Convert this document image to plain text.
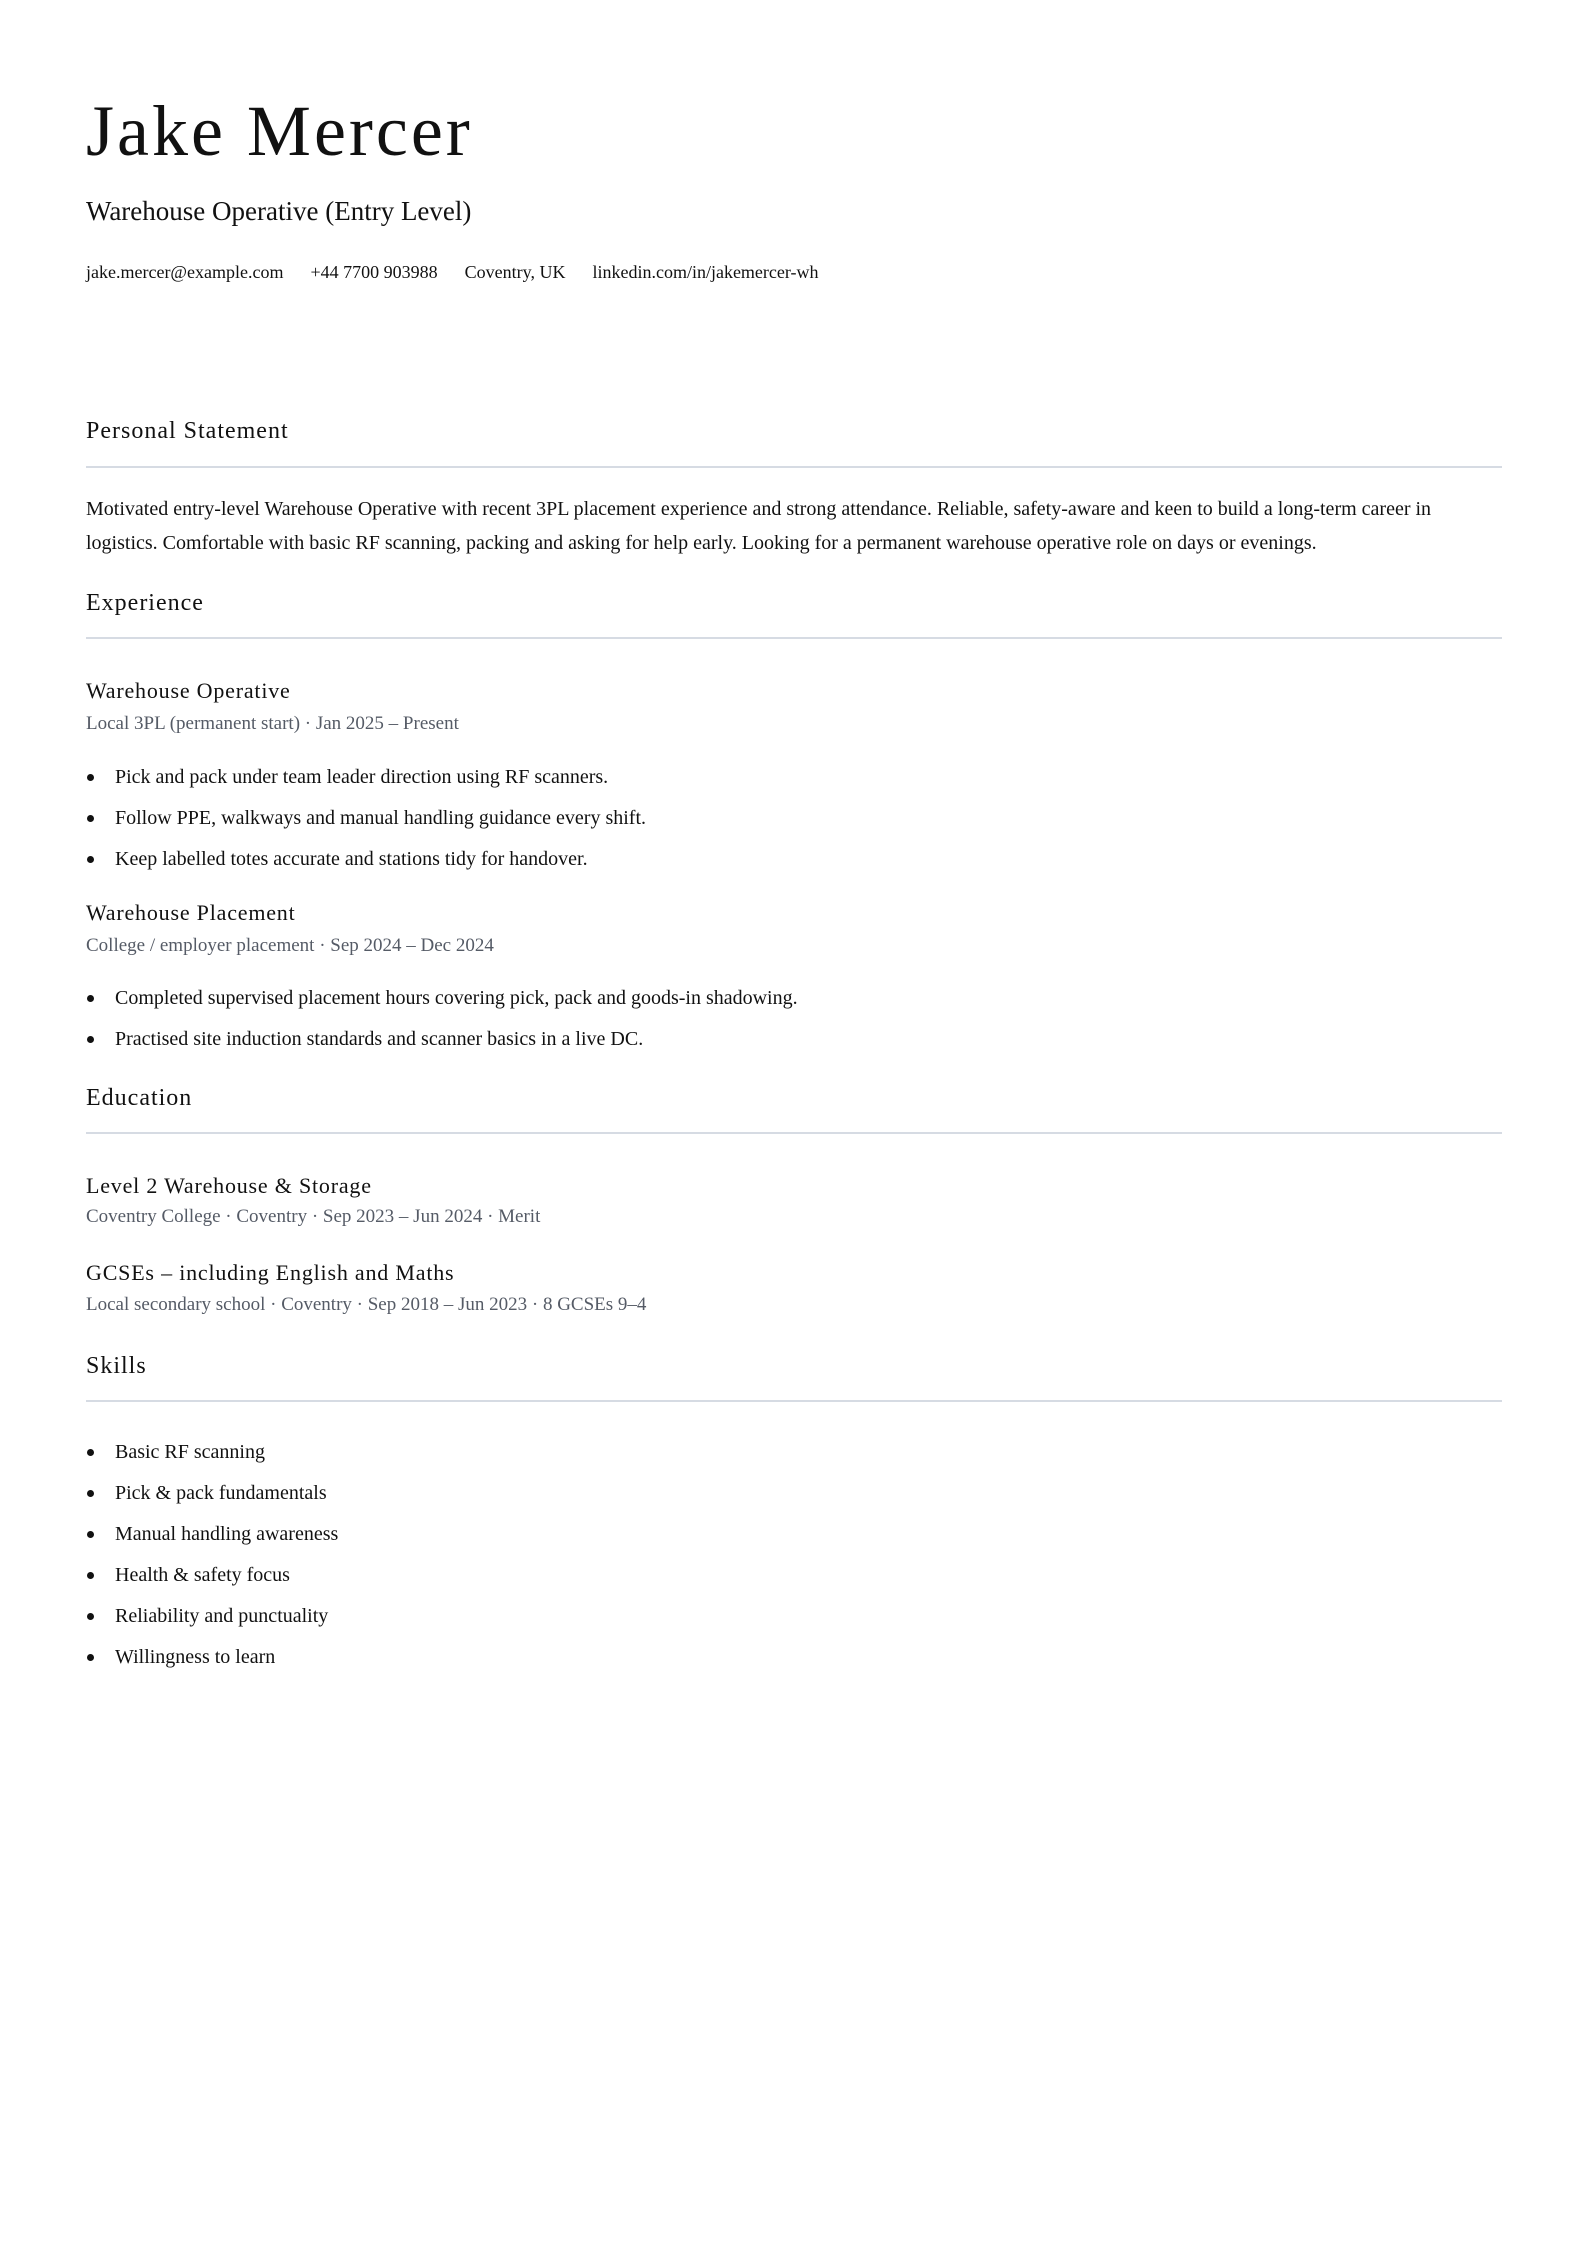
Jake Mercer
Warehouse Operative (Entry Level)
jake.mercer@example.com +44 7700 903988 Coventry, UK linkedin.com/in/jakemercer-wh
Personal Statement

Motivated entry-level Warehouse Operative with recent 3PL placement experience and strong attendance. Reliable, safety-aware and keen to build a long-term career in logistics. Comfortable with basic RF scanning, packing and asking for help early. Looking for a permanent warehouse operative role on days or evenings.

Experience
Warehouse Operative
Local 3PL (permanent start) · Jan 2025 – Present
Pick and pack under team leader direction using RF scanners.
Follow PPE, walkways and manual handling guidance every shift.
Keep labelled totes accurate and stations tidy for handover.
Warehouse Placement
College / employer placement · Sep 2024 – Dec 2024
Completed supervised placement hours covering pick, pack and goods-in shadowing.
Practised site induction standards and scanner basics in a live DC.
Education
Level 2 Warehouse & Storage
Coventry College · Coventry · Sep 2023 – Jun 2024 · Merit
GCSEs – including English and Maths
Local secondary school · Coventry · Sep 2018 – Jun 2023 · 8 GCSEs 9–4
Skills
Basic RF scanning
Pick & pack fundamentals
Manual handling awareness
Health & safety focus
Reliability and punctuality
Willingness to learn
